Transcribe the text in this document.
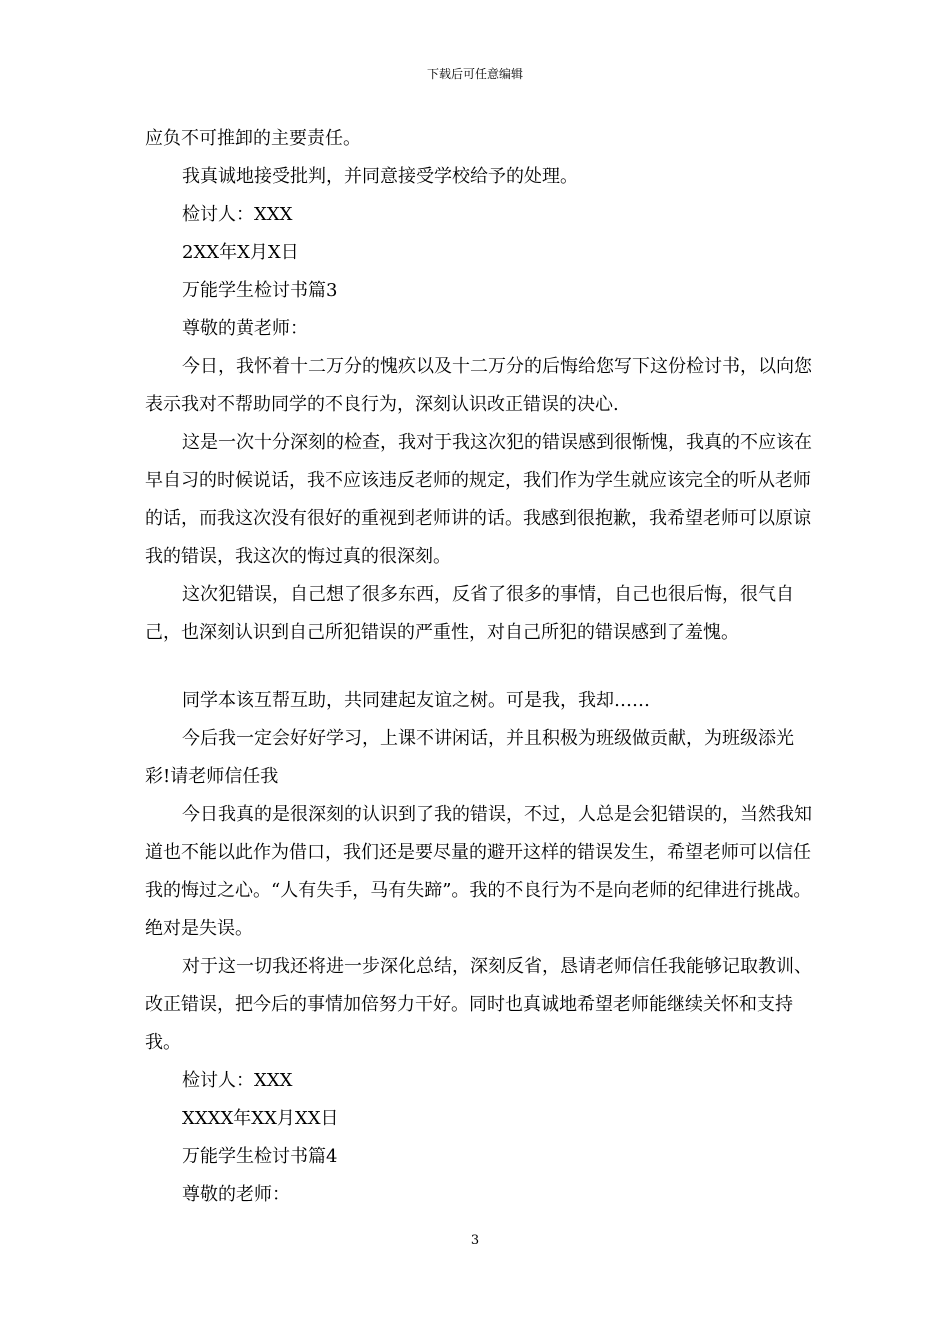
下载后可任意编辑

应负不可推卸的主要责任。

我真诚地接受批判，并同意接受学校给予的处理。

检讨人：XXX

2XX年X月X日

万能学生检讨书篇3

尊敬的黄老师：

今日，我怀着十二万分的愧疚以及十二万分的后悔给您写下这份检讨书，以向您表示我对不帮助同学的不良行为，深刻认识改正错误的决心.

这是一次十分深刻的检查，我对于我这次犯的错误感到很惭愧，我真的不应该在早自习的时候说话，我不应该违反老师的规定，我们作为学生就应该完全的听从老师的话，而我这次没有很好的重视到老师讲的话。我感到很抱歉，我希望老师可以原谅我的错误，我这次的悔过真的很深刻。

这次犯错误，自己想了很多东西，反省了很多的事情，自己也很后悔，很气自己，也深刻认识到自己所犯错误的严重性，对自己所犯的错误感到了羞愧。

同学本该互帮互助，共同建起友谊之树。可是我，我却……

今后我一定会好好学习，上课不讲闲话，并且积极为班级做贡献，为班级添光彩!请老师信任我

今日我真的是很深刻的认识到了我的错误，不过，人总是会犯错误的，当然我知道也不能以此作为借口，我们还是要尽量的避开这样的错误发生，希望老师可以信任我的悔过之心。“人有失手，马有失蹄”。我的不良行为不是向老师的纪律进行挑战。绝对是失误。

对于这一切我还将进一步深化总结，深刻反省，恳请老师信任我能够记取教训、改正错误，把今后的事情加倍努力干好。同时也真诚地希望老师能继续关怀和支持我。

检讨人：XXX

XXXX年XX月XX日

万能学生检讨书篇4

尊敬的老师：

3
